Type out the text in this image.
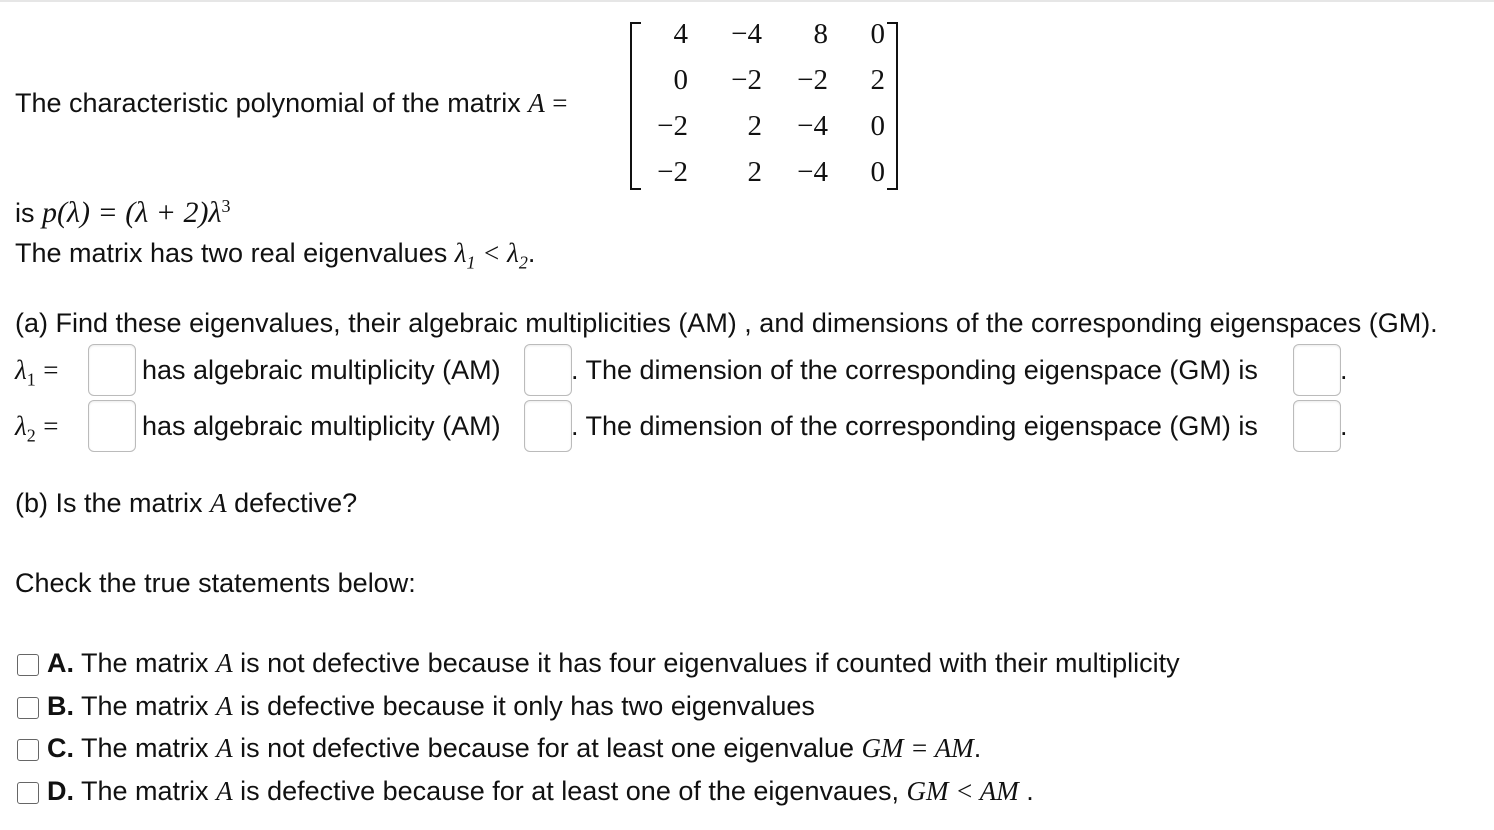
The characteristic polynomial of the matrix A =
4	−4	8	0
0	−2	−2	2
−2	2	−4	0
−2	2	−4	0
is $p(\lambda) = (\lambda + 2)\lambda^3$
The matrix has two real eigenvalues $\lambda_1 < \lambda_2$.
(a) Find these eigenvalues, their algebraic multiplicities (AM) , and dimensions of the corresponding eigenspaces (GM).
$\lambda_1$ =	has algebraic multiplicity (AM)	. The dimension of the corresponding eigenspace (GM) is	.
$\lambda_2$ =	has algebraic multiplicity (AM)	. The dimension of the corresponding eigenspace (GM) is	.
(b) Is the matrix A defective?
Check the true statements below:
A. The matrix A is not defective because it has four eigenvalues if counted with their multiplicity
B. The matrix A is defective because it only has two eigenvalues
C. The matrix A is not defective because for at least one eigenvalue GM = AM.
D. The matrix A is defective because for at least one of the eigenvaues, GM < AM .
